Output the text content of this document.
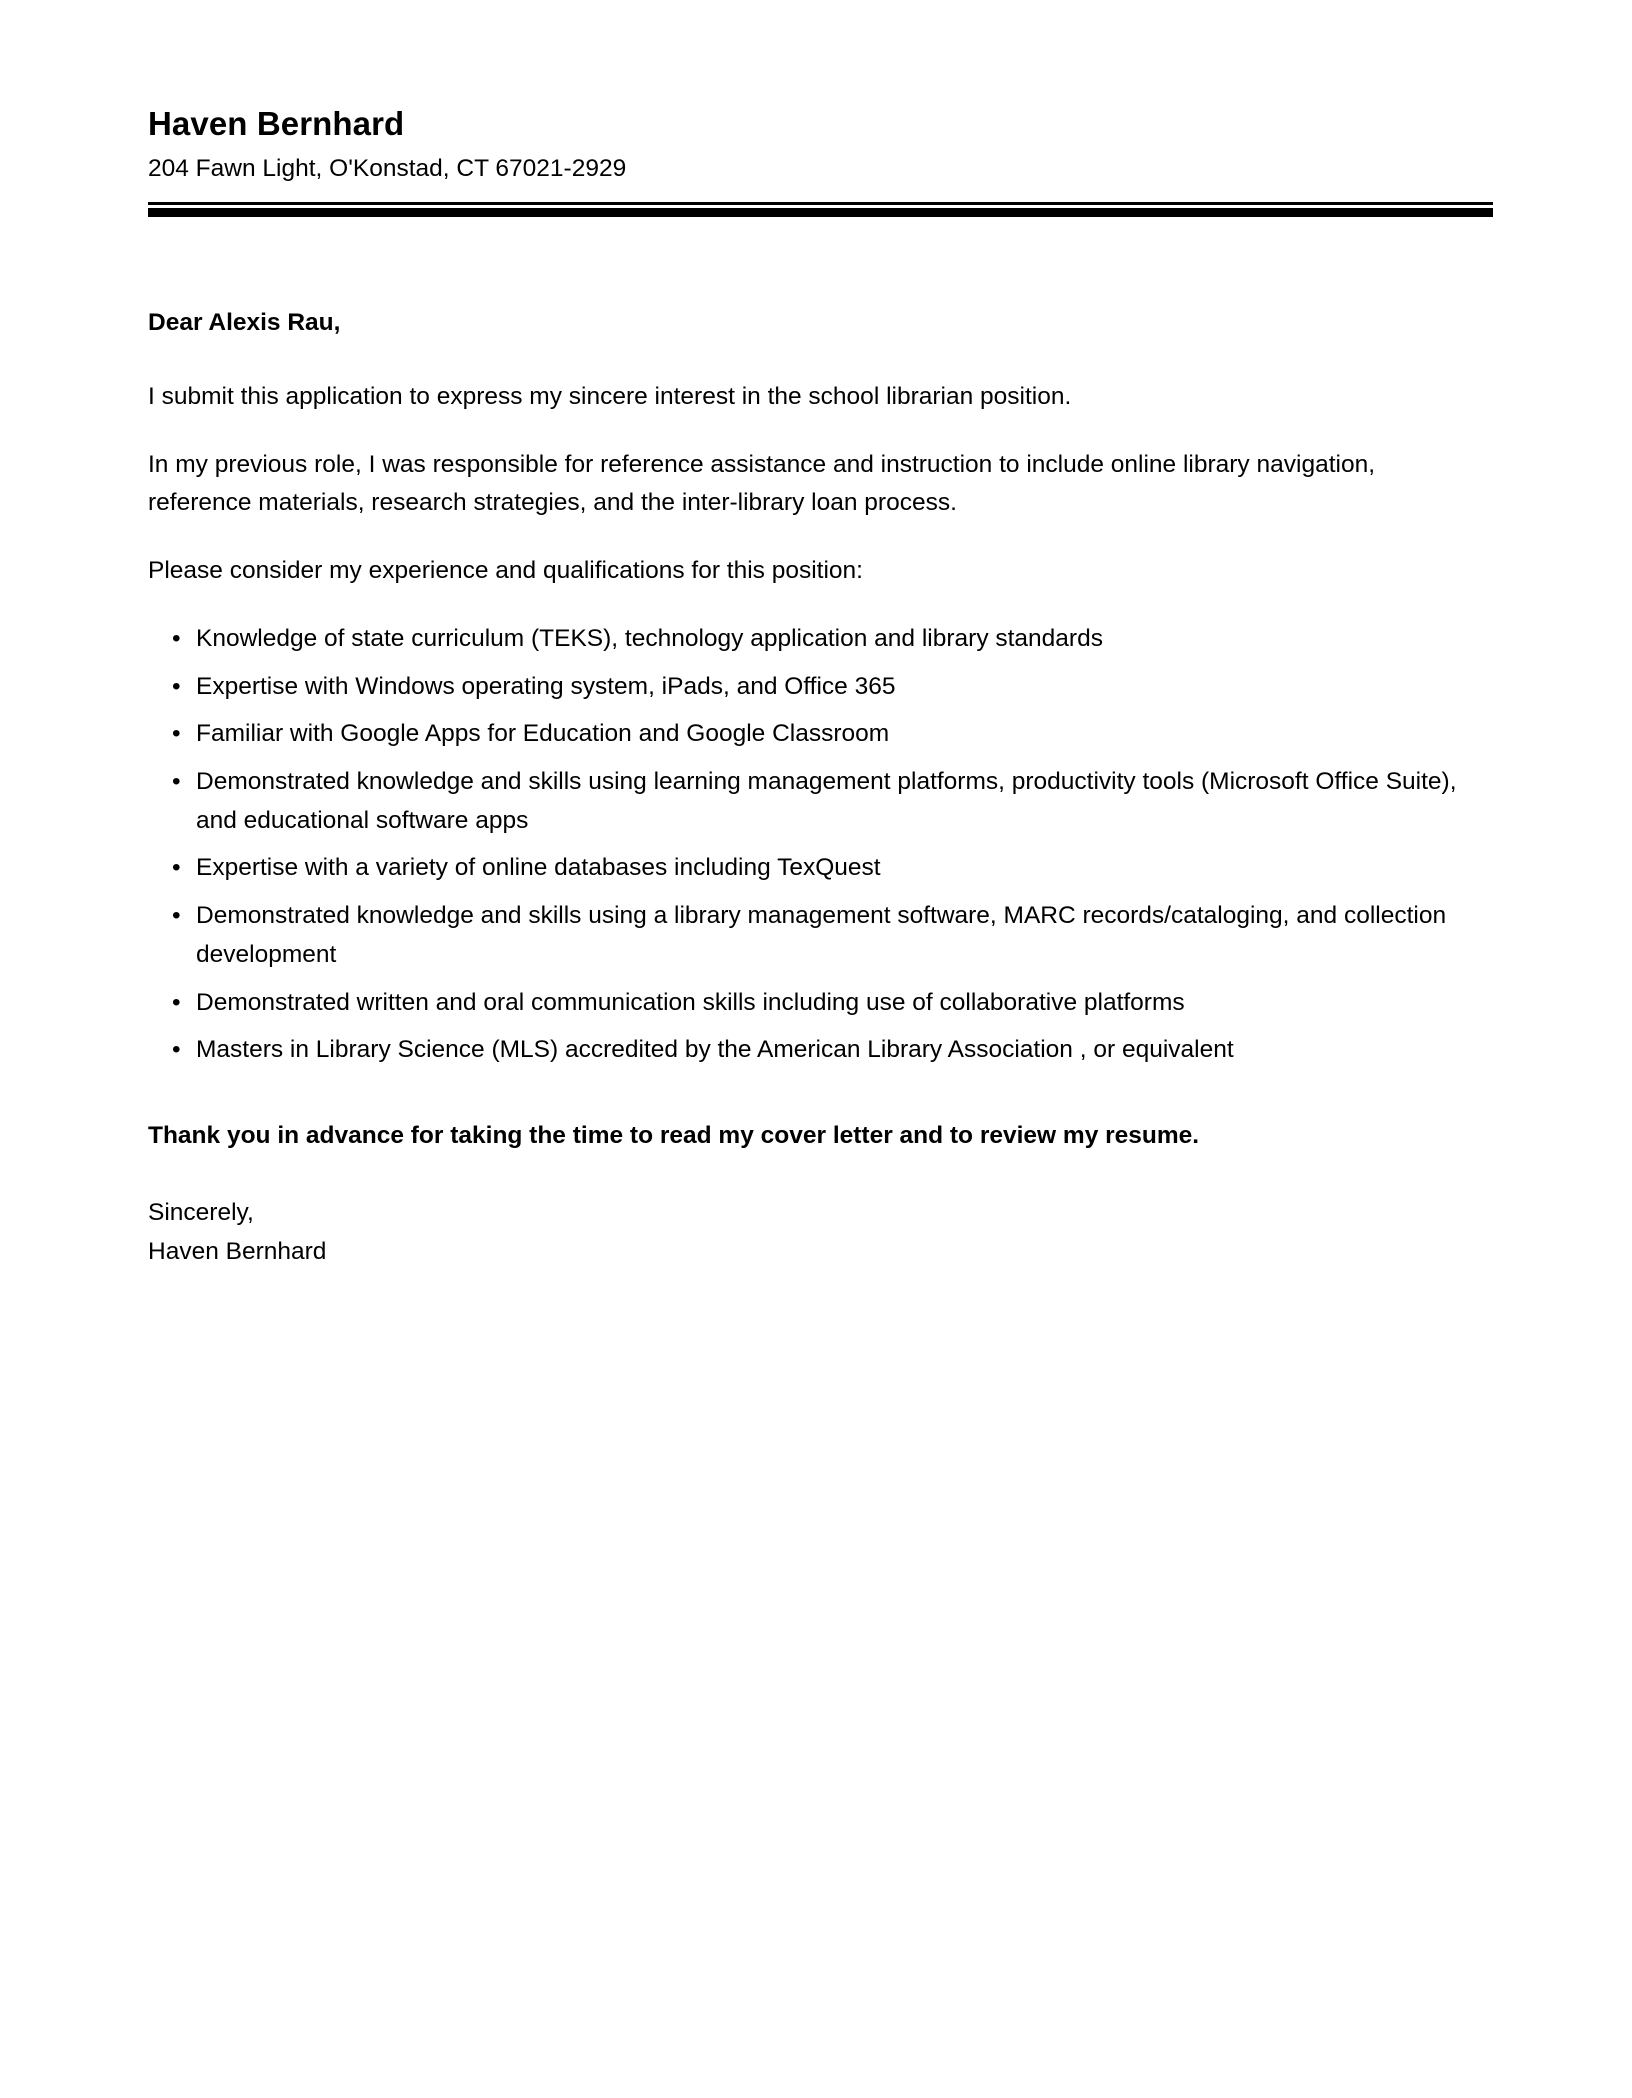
Haven Bernhard

204 Fawn Light, O'Konstad, CT 67021-2929

Dear Alexis Rau,

I submit this application to express my sincere interest in the school librarian position.

In my previous role, I was responsible for reference assistance and instruction to include online library navigation, reference materials, research strategies, and the inter-library loan process.

Please consider my experience and qualifications for this position:

• Knowledge of state curriculum (TEKS), technology application and library standards
• Expertise with Windows operating system, iPads, and Office 365
• Familiar with Google Apps for Education and Google Classroom
• Demonstrated knowledge and skills using learning management platforms, productivity tools (Microsoft Office Suite), and educational software apps
• Expertise with a variety of online databases including TexQuest
• Demonstrated knowledge and skills using a library management software, MARC records/cataloging, and collection development
• Demonstrated written and oral communication skills including use of collaborative platforms
• Masters in Library Science (MLS) accredited by the American Library Association , or equivalent

Thank you in advance for taking the time to read my cover letter and to review my resume.

Sincerely,

Haven Bernhard
